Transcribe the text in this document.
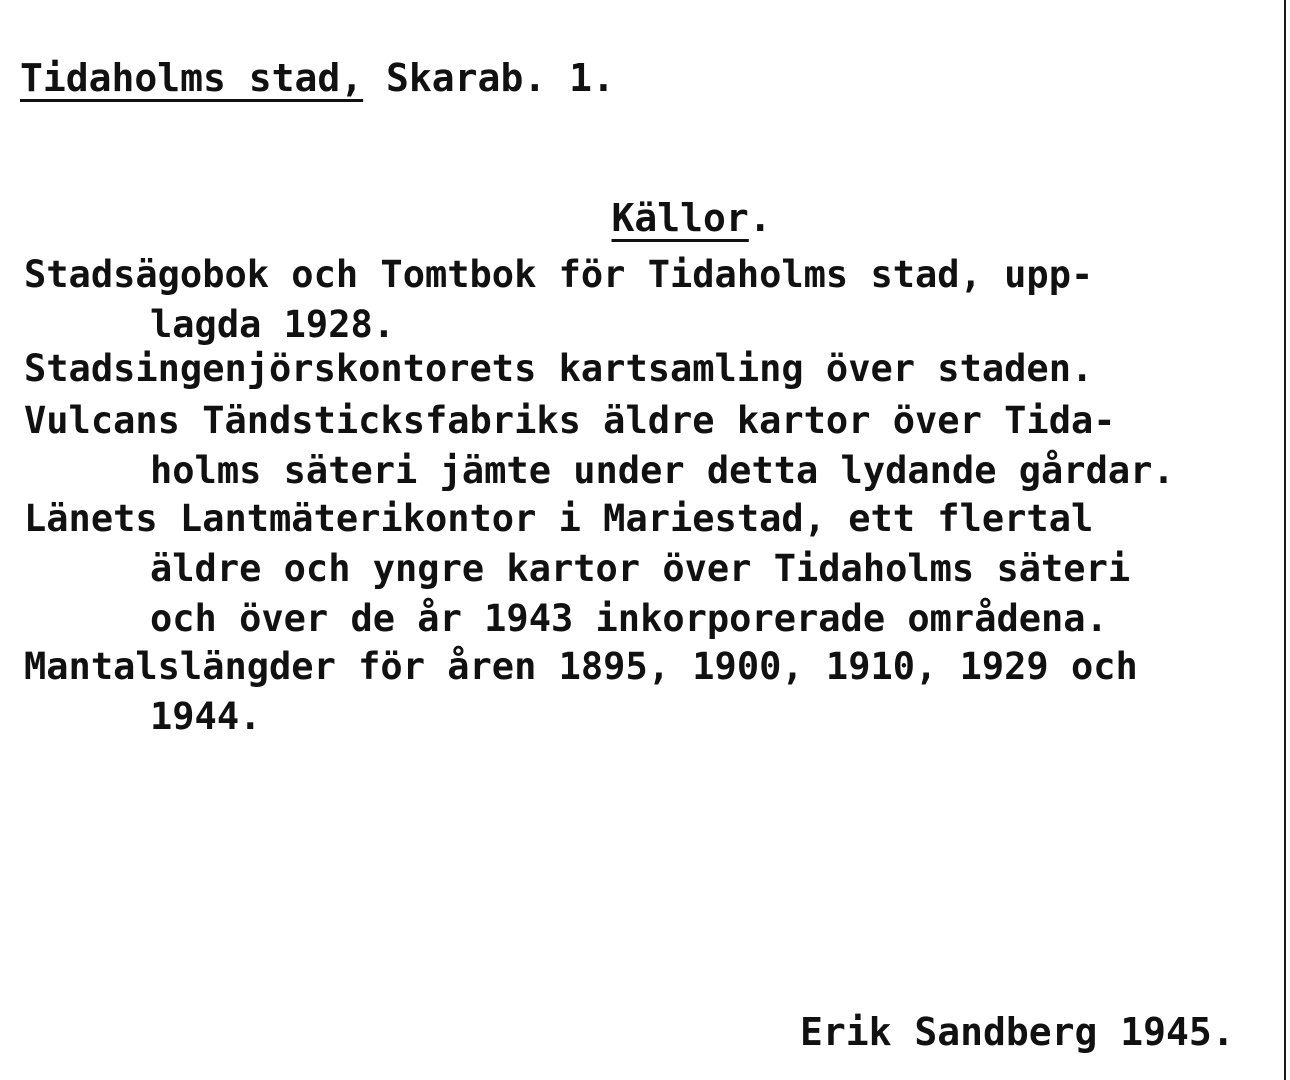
Tidaholms stad, Skarab. 1.

Källor.

Stadsägobok och Tomtbok för Tidaholms stad, upp-
lagda 1928.
Stadsingenjörskontorets kartsamling över staden.
Vulcans Tändsticksfabriks äldre kartor över Tida-
holms säteri jämte under detta lydande gårdar.
Länets Lantmäterikontor i Mariestad, ett flertal
äldre och yngre kartor över Tidaholms säteri
och över de år 1943 inkorporerade områdena.
Mantalslängder för åren 1895, 1900, 1910, 1929 och
1944.
Erik Sandberg 1945.
